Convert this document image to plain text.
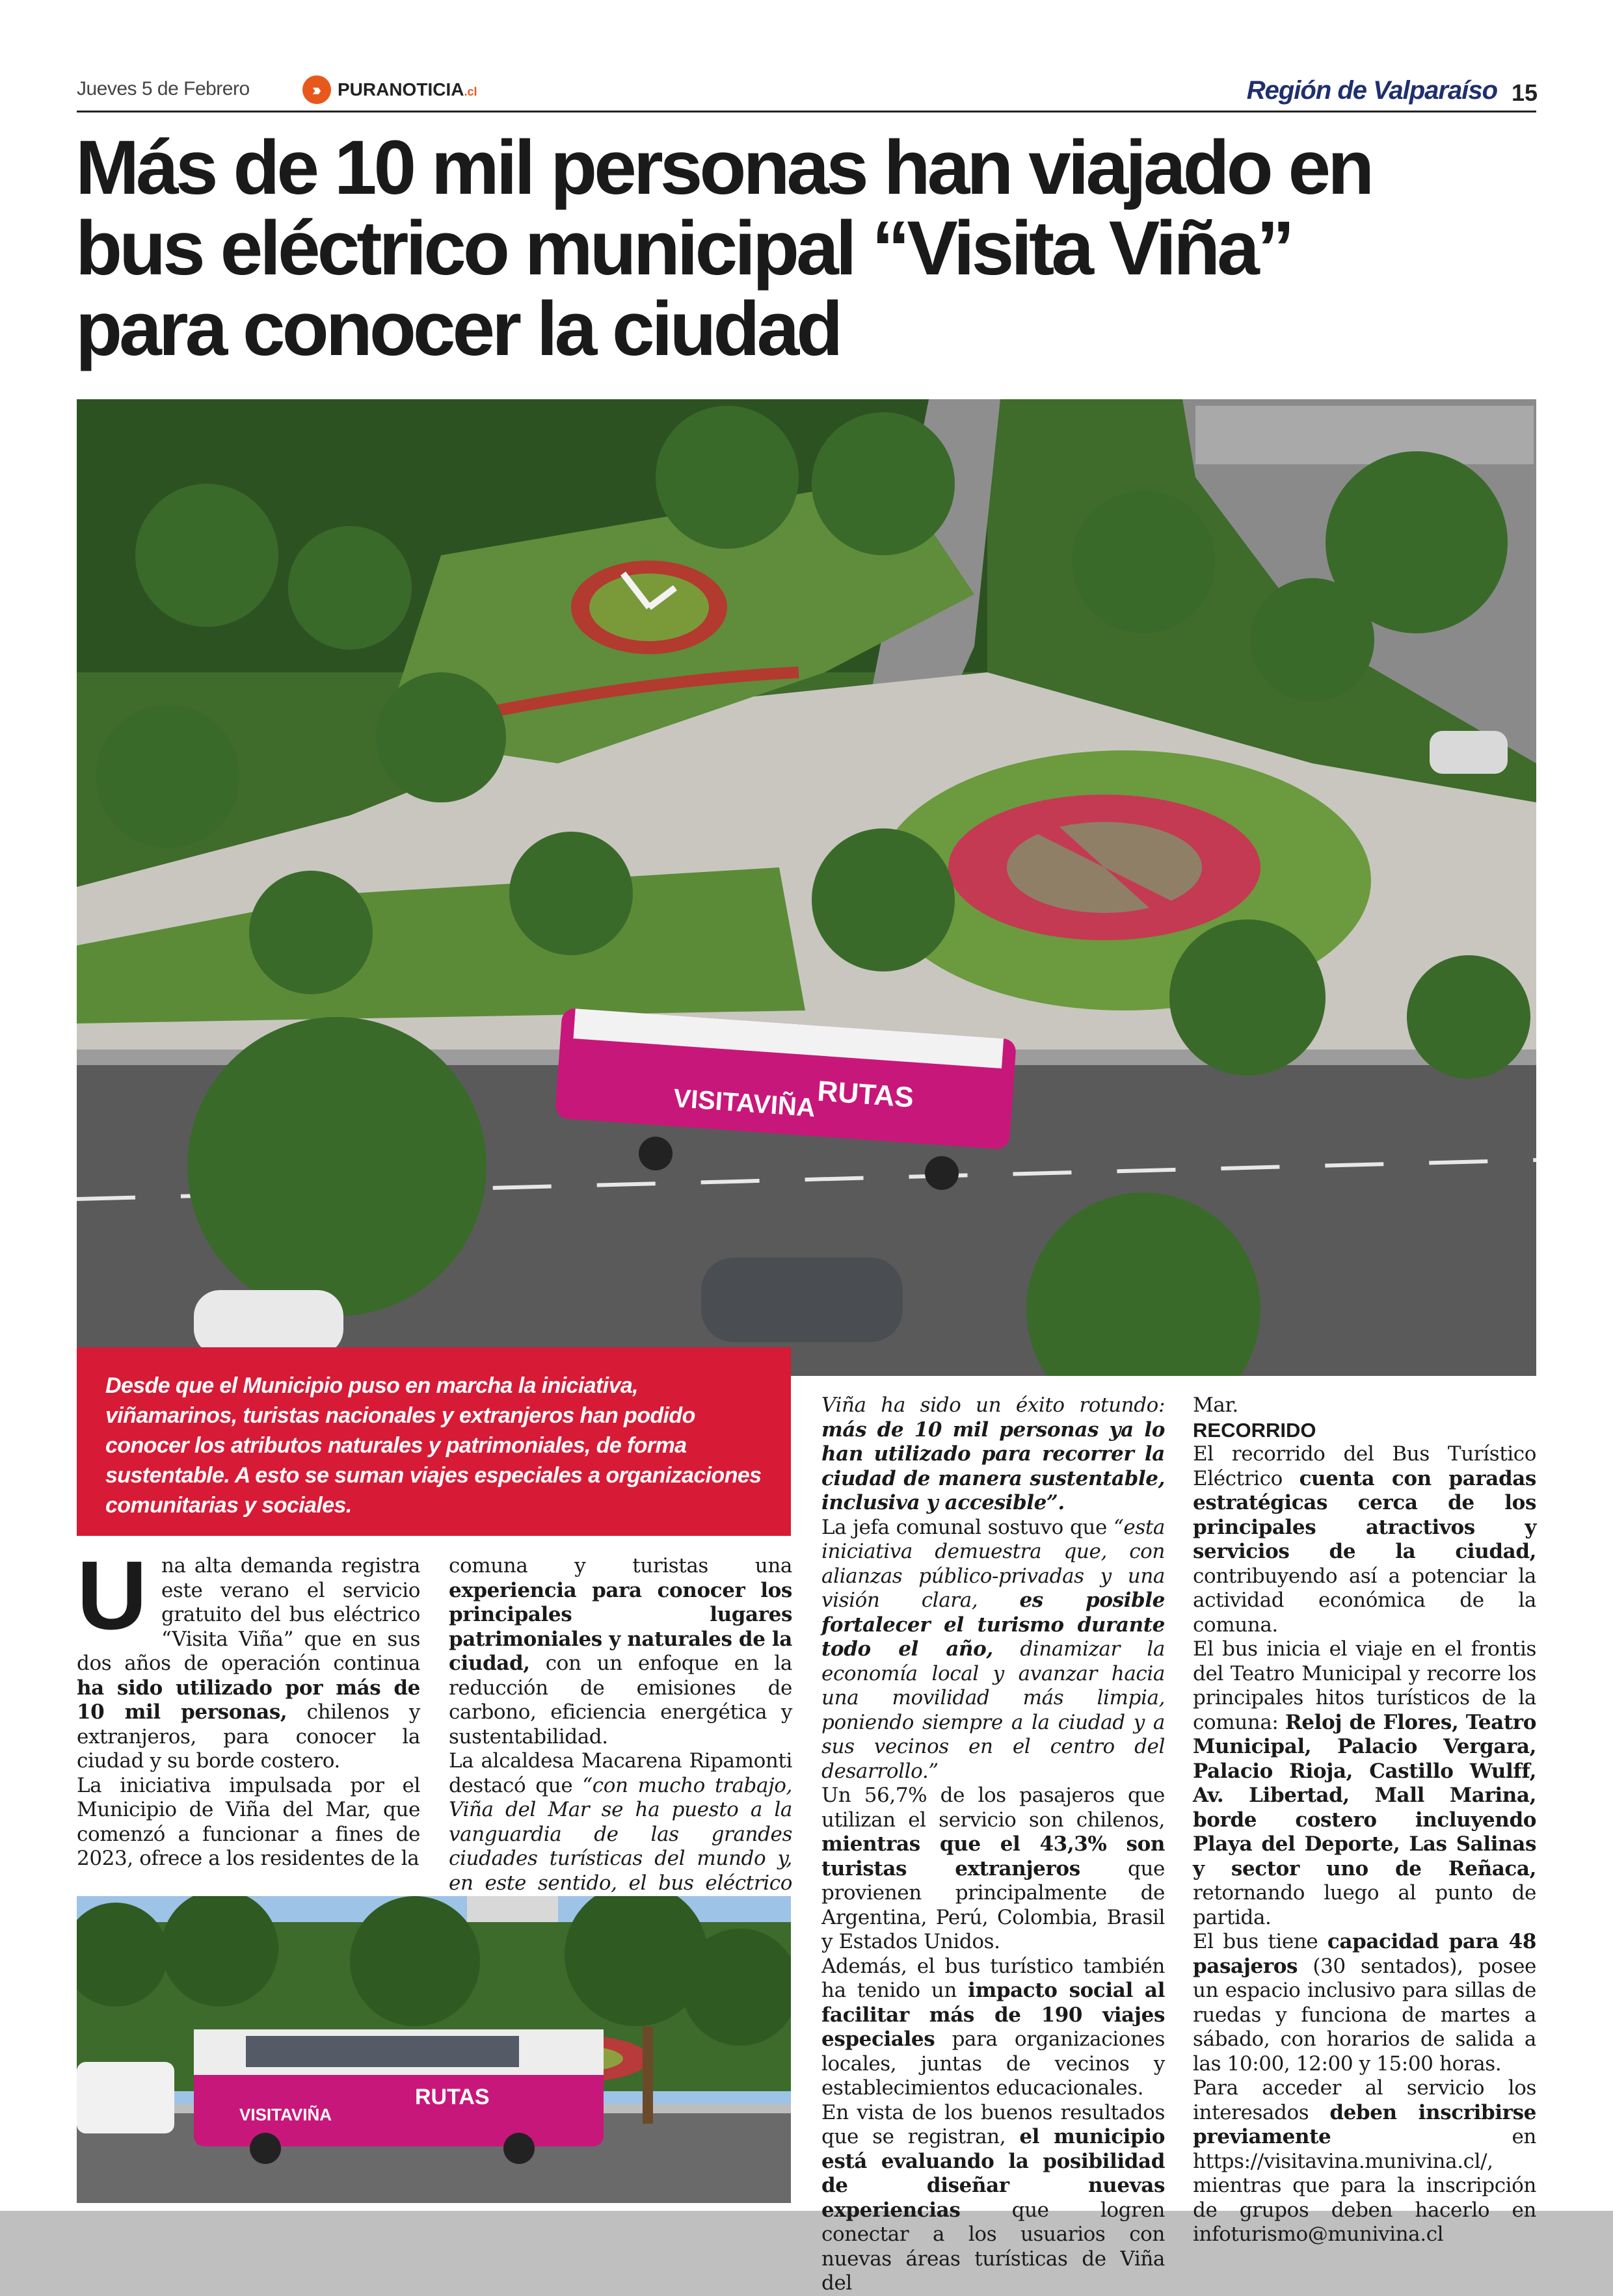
Jueves 5 de Febrero	››› PURANOTICIA.cl	Región de Valparaíso 15
Más de 10 mil personas han viajado en
bus eléctrico municipal “Visita Viña”
para conocer la ciudad
VISITAVIÑA RUTAS

Desde que el Municipio puso en marcha la iniciativa, viñamarinos, turistas nacionales y extranjeros han podido conocer los atributos naturales y patrimoniales, de forma sustentable. A esto se suman viajes especiales a organizaciones comunitarias y sociales.

Una alta demanda registra este verano el servicio gratuito del bus eléctrico “Visita Viña” que en sus dos años de operación continua ha sido utilizado por más de 10 mil personas, chilenos y extranjeros, para conocer la ciudad y su borde costero.

La iniciativa impulsada por el Municipio de Viña del Mar, que comenzó a funcionar a fines de 2023, ofrece a los residentes de la

comuna y turistas una experiencia para conocer los principales lugares patrimoniales y naturales de la ciudad, con un enfoque en la reducción de emisiones de carbono, eficiencia energética y sustentabilidad.

La alcaldesa Macarena Ripamonti destacó que “con mucho trabajo, Viña del Mar se ha puesto a la vanguardia de las grandes ciudades turísticas del mundo y, en este sentido, el bus eléctrico

VISITAVIÑA
RUTAS

Viña ha sido un éxito rotundo: más de 10 mil personas ya lo han utilizado para recorrer la ciudad de manera sustentable, inclusiva y accesible”.

La jefa comunal sostuvo que “esta iniciativa demuestra que, con alianzas público-privadas y una visión clara, es posible fortalecer el turismo durante todo el año, dinamizar la economía local y avanzar hacia una movilidad más limpia, poniendo siempre a la ciudad y a sus vecinos en el centro del desarrollo.”

Un 56,7% de los pasajeros que utilizan el servicio son chilenos, mientras que el 43,3% son turistas extranjeros que provienen principalmente de Argentina, Perú, Colombia, Brasil y Estados Unidos.

Además, el bus turístico también ha tenido un impacto social al facilitar más de 190 viajes especiales para organizaciones locales, juntas de vecinos y establecimientos educacionales.

En vista de los buenos resultados que se registran, el municipio está evaluando la posibilidad de diseñar nuevas experiencias que logren conectar a los usuarios con nuevas áreas turísticas de Viña del

Mar.

RECORRIDO

El recorrido del Bus Turístico Eléctrico cuenta con paradas estratégicas cerca de los principales atractivos y servicios de la ciudad, contribuyendo así a potenciar la actividad económica de la comuna.

El bus inicia el viaje en el frontis del Teatro Municipal y recorre los principales hitos turísticos de la comuna: Reloj de Flores, Teatro Municipal, Palacio Vergara, Palacio Rioja, Castillo Wulff, Av. Libertad, Mall Marina, borde costero incluyendo Playa del Deporte, Las Salinas y sector uno de Reñaca, retornando luego al punto de partida.

El bus tiene capacidad para 48 pasajeros (30 sentados), posee un espacio inclusivo para sillas de ruedas y funciona de martes a sábado, con horarios de salida a las 10:00, 12:00 y 15:00 horas.

Para acceder al servicio los interesados deben inscribirse previamente en https://visitavina.munivina.cl/, mientras que para la inscripción de grupos deben hacerlo en infoturismo@munivina.cl
